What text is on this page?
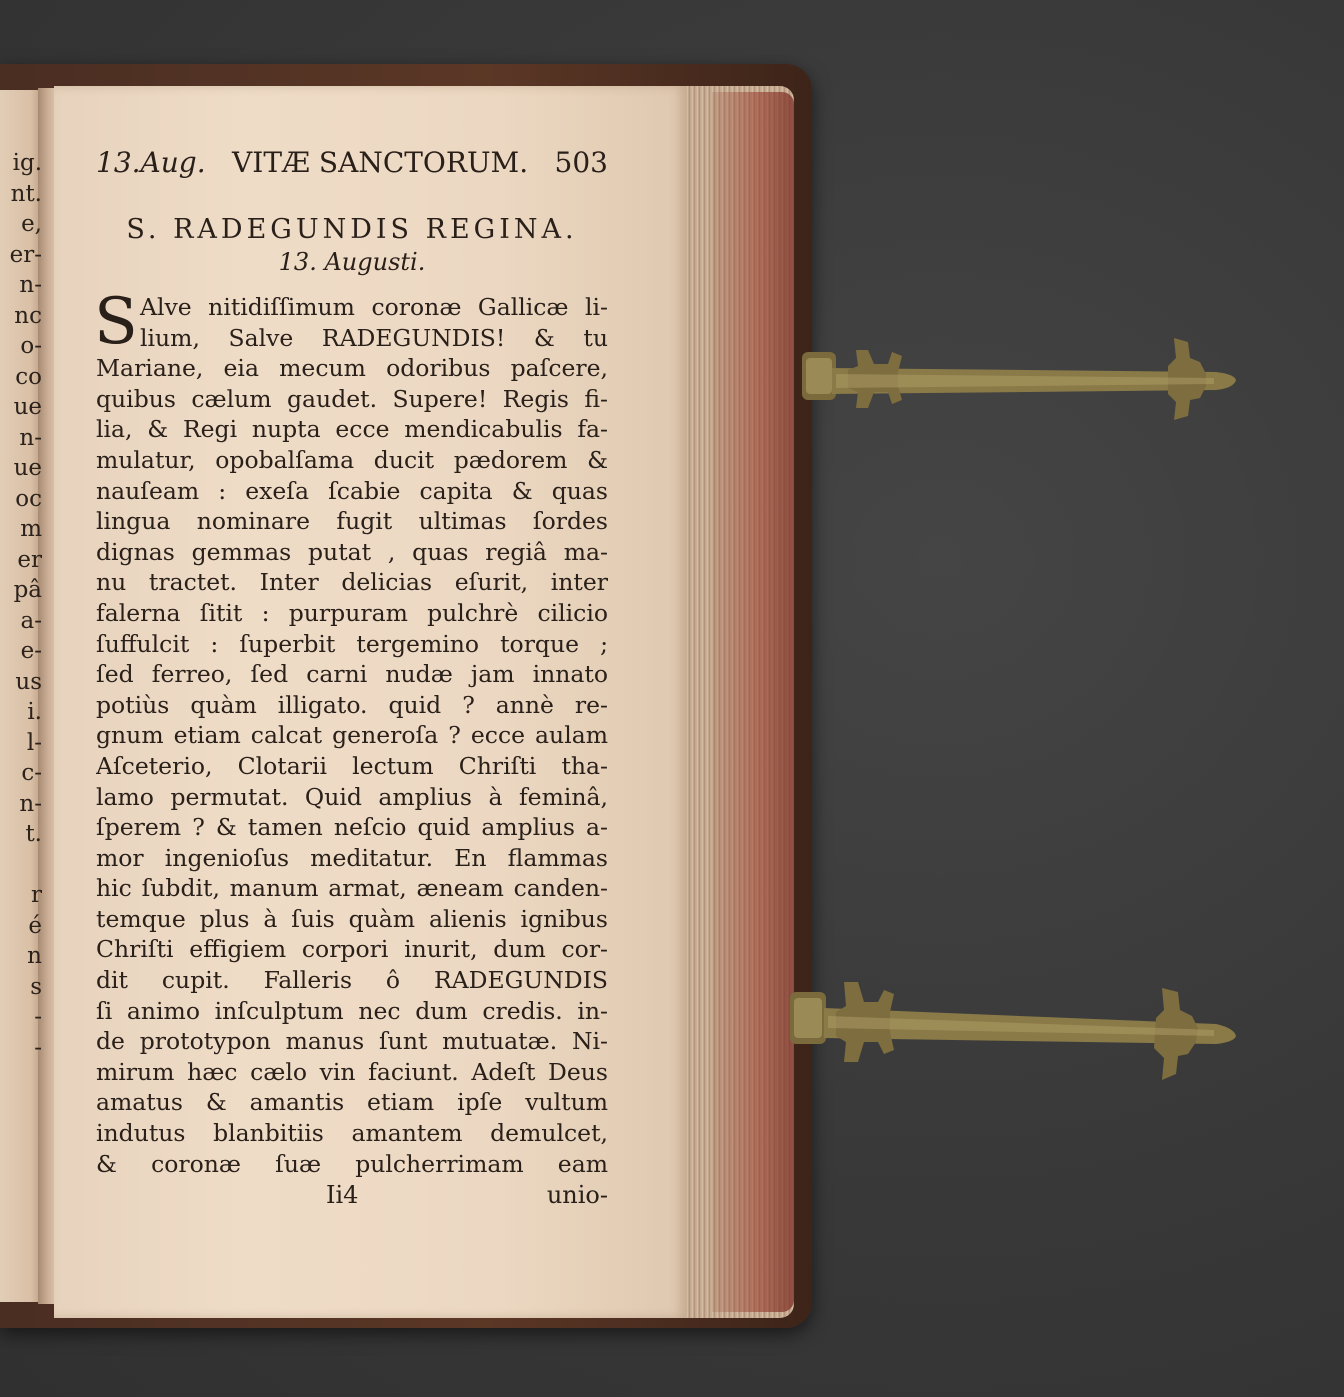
ig.
nt.
e,
er-
n-
nc
o-
co
ue
n-
ue
oc
m
er
pâ
a-
e-
us
i.
l-
c-
n-
t.
r
é
n
s
-
-
13.Aug. VITÆ SANCTORUM. 503
S. RADEGUNDIS REGINA.
13. Augusti.
S Alve nitidiſſimum coronæ Gallicæ li-
lium, Salve RADEGUNDIS! & tu
Mariane, eia mecum odoribus paſcere,
quibus cælum gaudet. Supere! Regis fi-
lia, & Regi nupta ecce mendicabulis fa-
mulatur, opobalſama ducit pædorem &
nauſeam : exeſa ſcabie capita & quas
lingua nominare fugit ultimas ſordes
dignas gemmas putat , quas regiâ ma-
nu tractet. Inter delicias eſurit, inter
falerna ſitit : purpuram pulchrè cilicio
ſuffulcit : ſuperbit tergemino torque ;
ſed ferreo, ſed carni nudæ jam innato
potiùs quàm illigato. quid ? annè re-
gnum etiam calcat generoſa ? ecce aulam
Aſceterio, Clotarii lectum Chriſti tha-
lamo permutat. Quid amplius à feminâ,
ſperem ? & tamen neſcio quid amplius a-
mor ingenioſus meditatur. En flammas
hic ſubdit, manum armat, æneam canden-
temque plus à ſuis quàm alienis ignibus
Chriſti effigiem corpori inurit, dum cor-
dit cupit. Falleris ô RADEGUNDIS
ſi animo inſculptum nec dum credis. in-
de prototypon manus ſunt mutuatæ. Ni-
mirum hæc cælo vin faciunt. Adeſt Deus
amatus & amantis etiam ipſe vultum
indutus blanbitiis amantem demulcet,
& coronæ ſuæ pulcherrimam eam
Ii4	unio-
